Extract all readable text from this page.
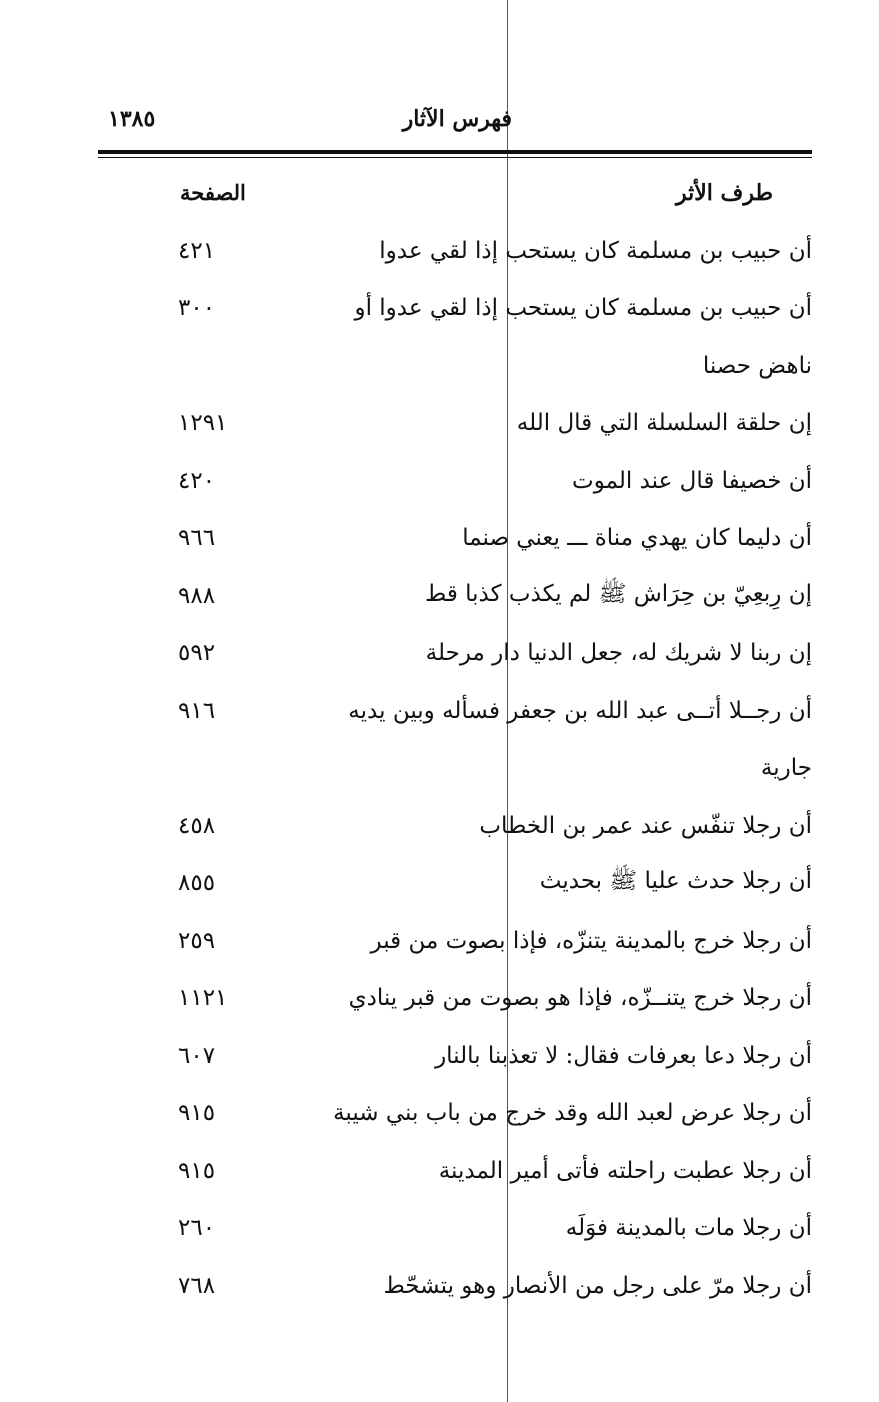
فهرس الآثار
١٣٨٥
الصفحة	طرف الأثر
أن حبيب بن مسلمة كان يستحب إذا لقي عدوا
٤٢١
أن حبيب بن مسلمة كان يستحب إذا لقي عدوا أو
٣٠٠
ناهض حصنا
إن حلقة السلسلة التي قال الله
١٢٩١
أن خصيفا قال عند الموت
٤٢٠
أن دليما كان يهدي مناة ـــ يعني صنما
٩٦٦
إن رِبعِيّ بن حِرَاش ﷺ لم يكذب كذبا قط
٩٨٨
إن ربنا لا شريك له، جعل الدنيا دار مرحلة
٥٩٢
أن رجــلا أتــى عبد الله بن جعفر فسأله وبين يديه
٩١٦
جارية
أن رجلا تنفّس عند عمر بن الخطاب
٤٥٨
أن رجلا حدث عليا ﷺ بحديث
٨٥٥
أن رجلا خرج بالمدينة يتنزّه، فإذا بصوت من قبر
٢٥٩
أن رجلا خرج يتنــزّه، فإذا هو بصوت من قبر ينادي
١١٢١
أن رجلا دعا بعرفات فقال: لا تعذبنا بالنار
٦٠٧
أن رجلا عرض لعبد الله وقد خرج من باب بني شيبة
٩١٥
أن رجلا عطبت راحلته فأتى أمير المدينة
٩١٥
أن رجلا مات بالمدينة فوَلَه
٢٦٠
أن رجلا مرّ على رجل من الأنصار وهو يتشحّط
٧٦٨
